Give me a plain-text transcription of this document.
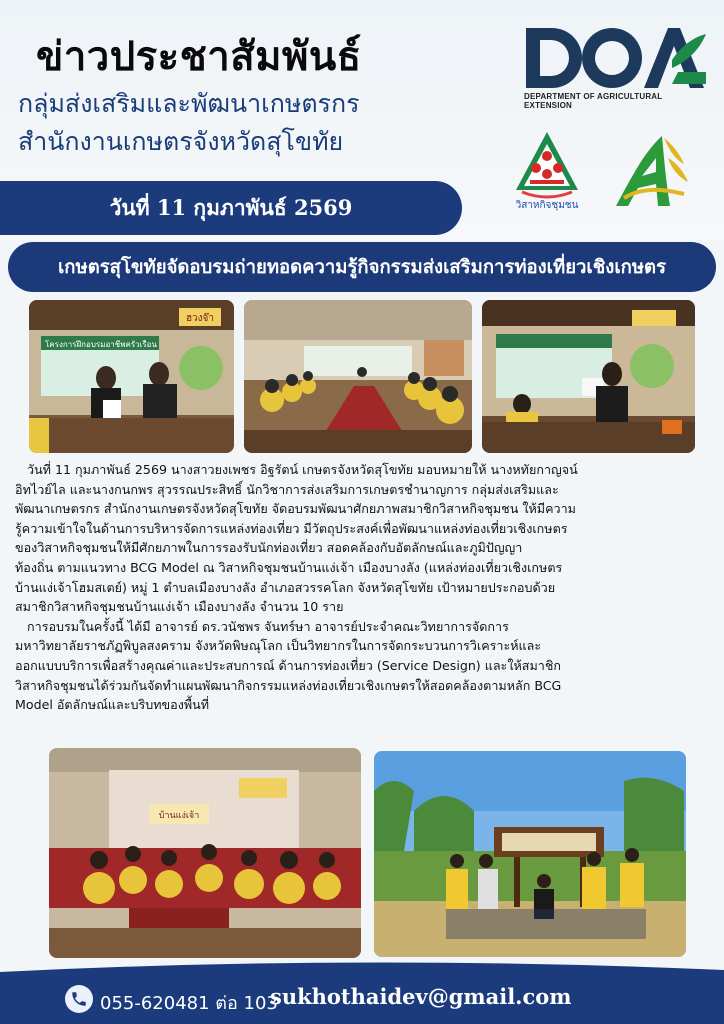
ข่าวประชาสัมพันธ์
กลุ่มส่งเสริมและพัฒนาเกษตรกร
สำนักงานเกษตรจังหวัดสุโขทัย
วันที่ 11 กุมภาพันธ์ 2569
DEPARTMENT OF AGRICULTURAL EXTENSION
วิสาหกิจชุมชน
เกษตรสุโขทัยจัดอบรมถ่ายทอดความรู้กิจกรรมส่งเสริมการท่องเที่ยวเชิงเกษตร
โครงการฝึกอบรมอาชีพครัวเรือน
ฮวงจ๊า
วันที่ 11 กุมภาพันธ์ 2569 นางสาวยงเพชร อิฐรัตน์ เกษตรจังหวัดสุโขทัย มอบหมายให้ นางหทัยกาญจน์
อิทไวย์ไล และนางกนกพร สุวรรณประสิทธิ์ นักวิชาการส่งเสริมการเกษตรชำนาญการ กลุ่มส่งเสริมและ
พัฒนาเกษตรกร สำนักงานเกษตรจังหวัดสุโขทัย จัดอบรมพัฒนาศักยภาพสมาชิกวิสาหกิจชุมชน ให้มีความ
รู้ความเข้าใจในด้านการบริหารจัดการแหล่งท่องเที่ยว มีวัตถุประสงค์เพื่อพัฒนาแหล่งท่องเที่ยวเชิงเกษตร
ของวิสาหกิจชุมชนให้มีศักยภาพในการรองรับนักท่องเที่ยว สอดคล้องกับอัตลักษณ์และภูมิปัญญา
ท้องถิ่น ตามแนวทาง BCG Model ณ วิสาหกิจชุมชนบ้านแง่เจ้า เมืองบางลัง (แหล่งท่องเที่ยวเชิงเกษตร
บ้านแง่เจ้าโฮมสเตย์) หมู่ 1 ตำบลเมืองบางลัง อำเภอสวรรคโลก จังหวัดสุโขทัย เป้าหมายประกอบด้วย
สมาชิกวิสาหกิจชุมชนบ้านแง่เจ้า เมืองบางลัง จำนวน 10 ราย
การอบรมในครั้งนี้ ได้มี อาจารย์ ดร.วนัชพร จันทร์ษา อาจารย์ประจำคณะวิทยาการจัดการ
มหาวิทยาลัยราชภัฏพิบูลสงคราม จังหวัดพิษณุโลก เป็นวิทยากรในการจัดกระบวนการวิเคราะห์และ
ออกแบบบริการเพื่อสร้างคุณค่าและประสบการณ์ ด้านการท่องเที่ยว (Service Design) และให้สมาชิก
วิสาหกิจชุมชนได้ร่วมกันจัดทำแผนพัฒนากิจกรรมแหล่งท่องเที่ยวเชิงเกษตรให้สอดคล้องตามหลัก BCG
Model อัตลักษณ์และบริบทของพื้นที่
บ้านแง่เจ้า
055-620481 ต่อ 103
sukhothaidev@gmail.com
